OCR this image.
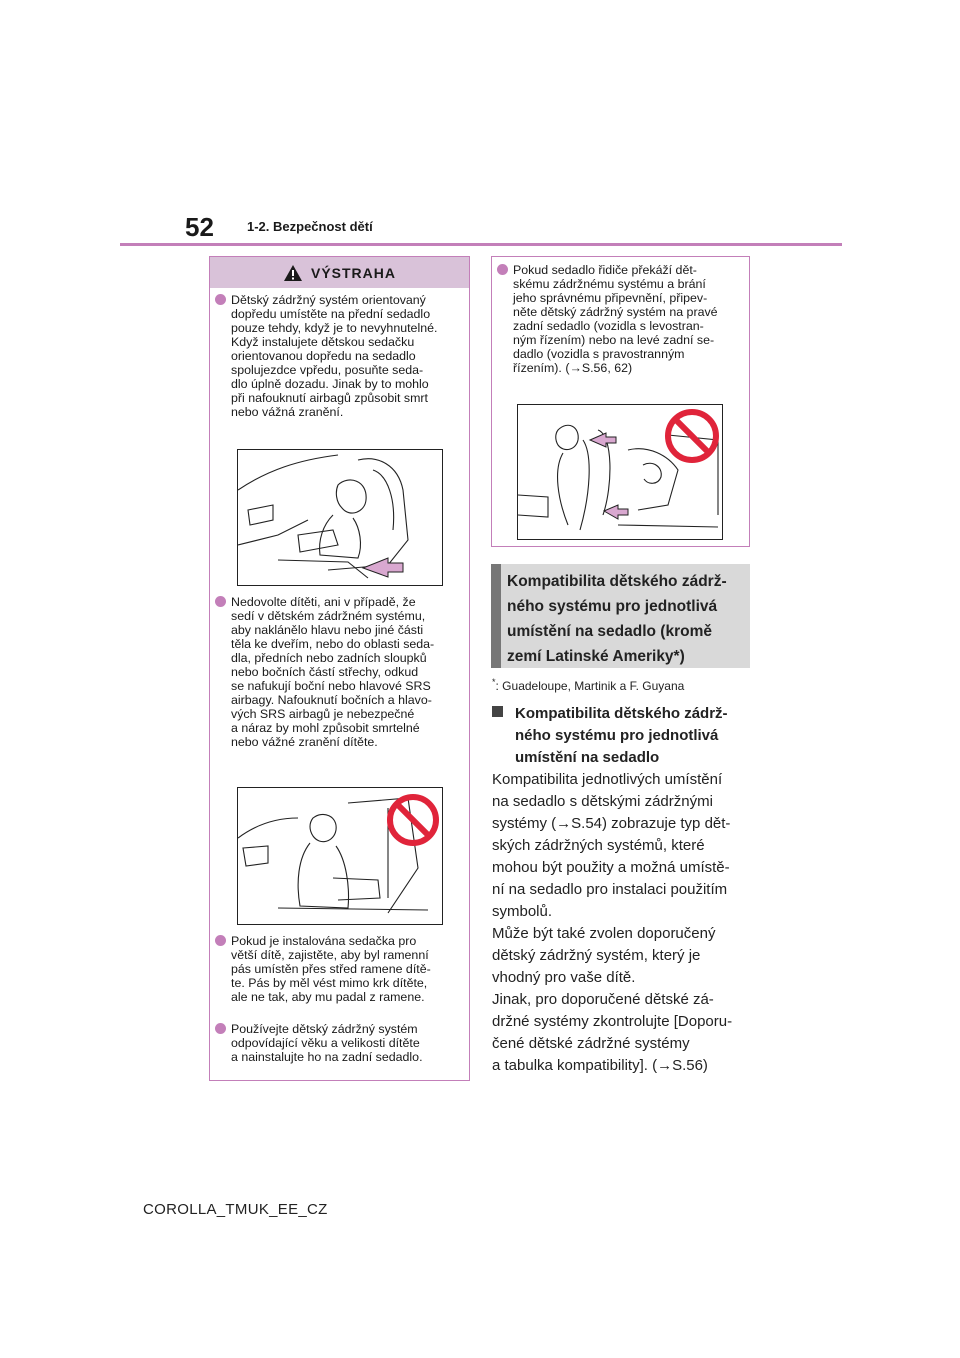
52	1-2. Bezpečnost dětí
VÝSTRAHA
Dětský zádržný systém orientovaný
dopředu umístěte na přední sedadlo
pouze tehdy, když je to nevyhnutelné.
Když instalujete dětskou sedačku
orientovanou dopředu na sedadlo
spolujezdce vpředu, posuňte seda-
dlo úplně dozadu. Jinak by to mohlo
při nafouknutí airbagů způsobit smrt
nebo vážná zranění.
Nedovolte dítěti, ani v případě, že
sedí v dětském zádržném systému,
aby naklánělo hlavu nebo jiné části
těla ke dveřím, nebo do oblasti seda-
dla, předních nebo zadních sloupků
nebo bočních částí střechy, odkud
se nafukují boční nebo hlavové SRS
airbagy. Nafouknutí bočních a hlavo-
vých SRS airbagů je nebezpečné
a náraz by mohl způsobit smrtelné
nebo vážné zranění dítěte.
Pokud je instalována sedačka pro
větší dítě, zajistěte, aby byl ramenní
pás umístěn přes střed ramene dítě-
te. Pás by měl vést mimo krk dítěte,
ale ne tak, aby mu padal z ramene.
Používejte dětský zádržný systém
odpovídající věku a velikosti dítěte
a nainstalujte ho na zadní sedadlo.
Pokud sedadlo řidiče překáží dět-
skému zádržnému systému a brání
jeho správnému připevnění, připev-
něte dětský zádržný systém na pravé
zadní sedadlo (vozidla s levostran-
ným řízením) nebo na levé zadní se-
dadlo (vozidla s pravostranným
řízením). (→S.56, 62)
Kompatibilita dětského zádrž-
ného systému pro jednotlivá
umístění na sedadlo (kromě
zemí Latinské Ameriky*)
*: Guadeloupe, Martinik a F. Guyana
Kompatibilita dětského zádrž-
ného systému pro jednotlivá
umístění na sedadlo
Kompatibilita jednotlivých umístění
na sedadlo s dětskými zádržnými
systémy (→S.54) zobrazuje typ dět-
ských zádržných systémů, které
mohou být použity a možná umístě-
ní na sedadlo pro instalaci použitím
symbolů.
Může být také zvolen doporučený
dětský zádržný systém, který je
vhodný pro vaše dítě.
Jinak, pro doporučené dětské zá-
držné systémy zkontrolujte [Doporu-
čené dětské zádržné systémy
a tabulka kompatibility]. (→S.56)
COROLLA_TMUK_EE_CZ
